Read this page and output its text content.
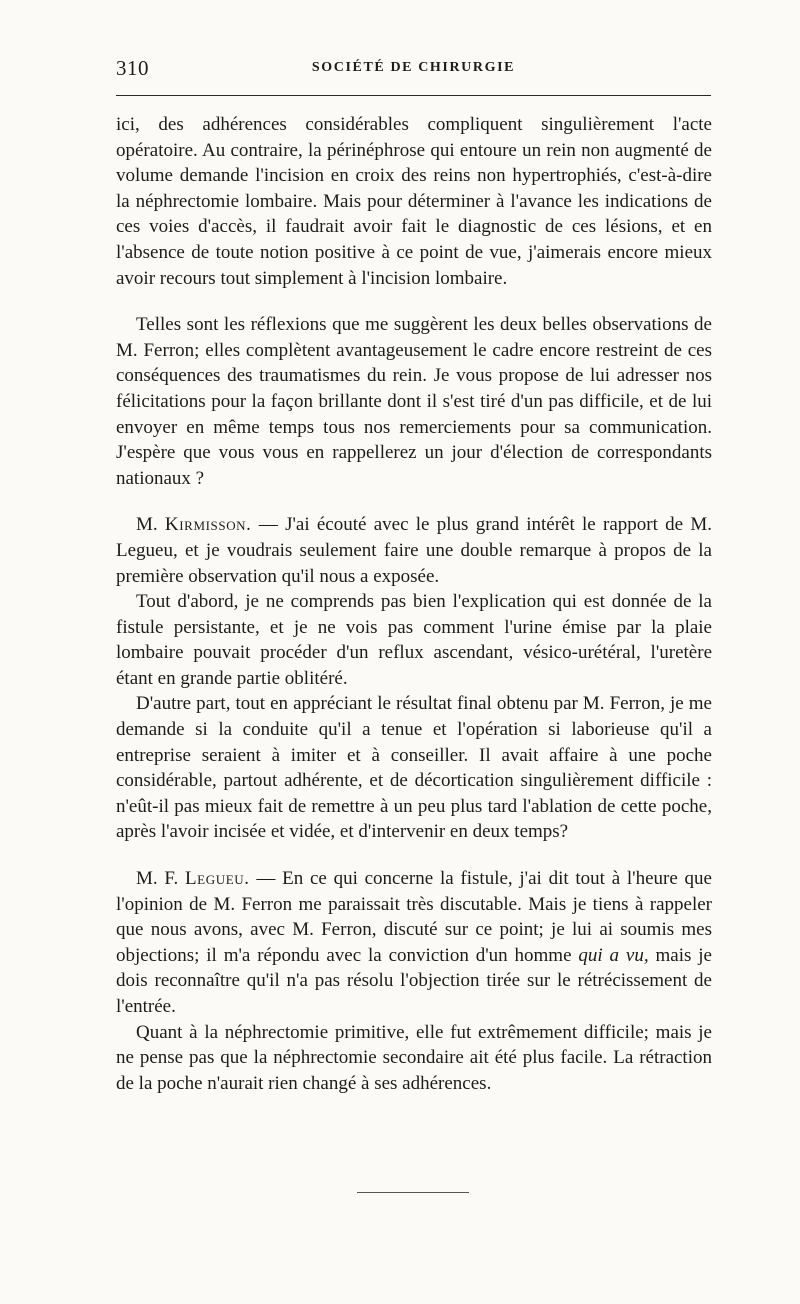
310	SOCIÉTÉ DE CHIRURGIE

ici, des adhérences considérables compliquent singulièrement l'acte opératoire. Au contraire, la périnéphrose qui entoure un rein non augmenté de volume demande l'incision en croix des reins non hypertrophiés, c'est-à-dire la néphrectomie lombaire. Mais pour déterminer à l'avance les indications de ces voies d'accès, il faudrait avoir fait le diagnostic de ces lésions, et en l'absence de toute notion positive à ce point de vue, j'aimerais encore mieux avoir recours tout simplement à l'incision lombaire.

Telles sont les réflexions que me suggèrent les deux belles observations de M. Ferron; elles complètent avantageusement le cadre encore restreint de ces conséquences des traumatismes du rein. Je vous propose de lui adresser nos félicitations pour la façon brillante dont il s'est tiré d'un pas difficile, et de lui envoyer en même temps tous nos remerciements pour sa communication. J'espère que vous vous en rappellerez un jour d'élection de correspondants nationaux ?

M. Kirmisson. — J'ai écouté avec le plus grand intérêt le rapport de M. Legueu, et je voudrais seulement faire une double remarque à propos de la première observation qu'il nous a exposée.

Tout d'abord, je ne comprends pas bien l'explication qui est donnée de la fistule persistante, et je ne vois pas comment l'urine émise par la plaie lombaire pouvait procéder d'un reflux ascendant, vésico-urétéral, l'uretère étant en grande partie oblitéré.

D'autre part, tout en appréciant le résultat final obtenu par M. Ferron, je me demande si la conduite qu'il a tenue et l'opération si laborieuse qu'il a entreprise seraient à imiter et à conseiller. Il avait affaire à une poche considérable, partout adhérente, et de décortication singulièrement difficile : n'eût-il pas mieux fait de remettre à un peu plus tard l'ablation de cette poche, après l'avoir incisée et vidée, et d'intervenir en deux temps?

M. F. Legueu. — En ce qui concerne la fistule, j'ai dit tout à l'heure que l'opinion de M. Ferron me paraissait très discutable. Mais je tiens à rappeler que nous avons, avec M. Ferron, discuté sur ce point; je lui ai soumis mes objections; il m'a répondu avec la conviction d'un homme qui a vu, mais je dois reconnaître qu'il n'a pas résolu l'objection tirée sur le rétrécissement de l'entrée.

Quant à la néphrectomie primitive, elle fut extrêmement difficile; mais je ne pense pas que la néphrectomie secondaire ait été plus facile. La rétraction de la poche n'aurait rien changé à ses adhérences.
